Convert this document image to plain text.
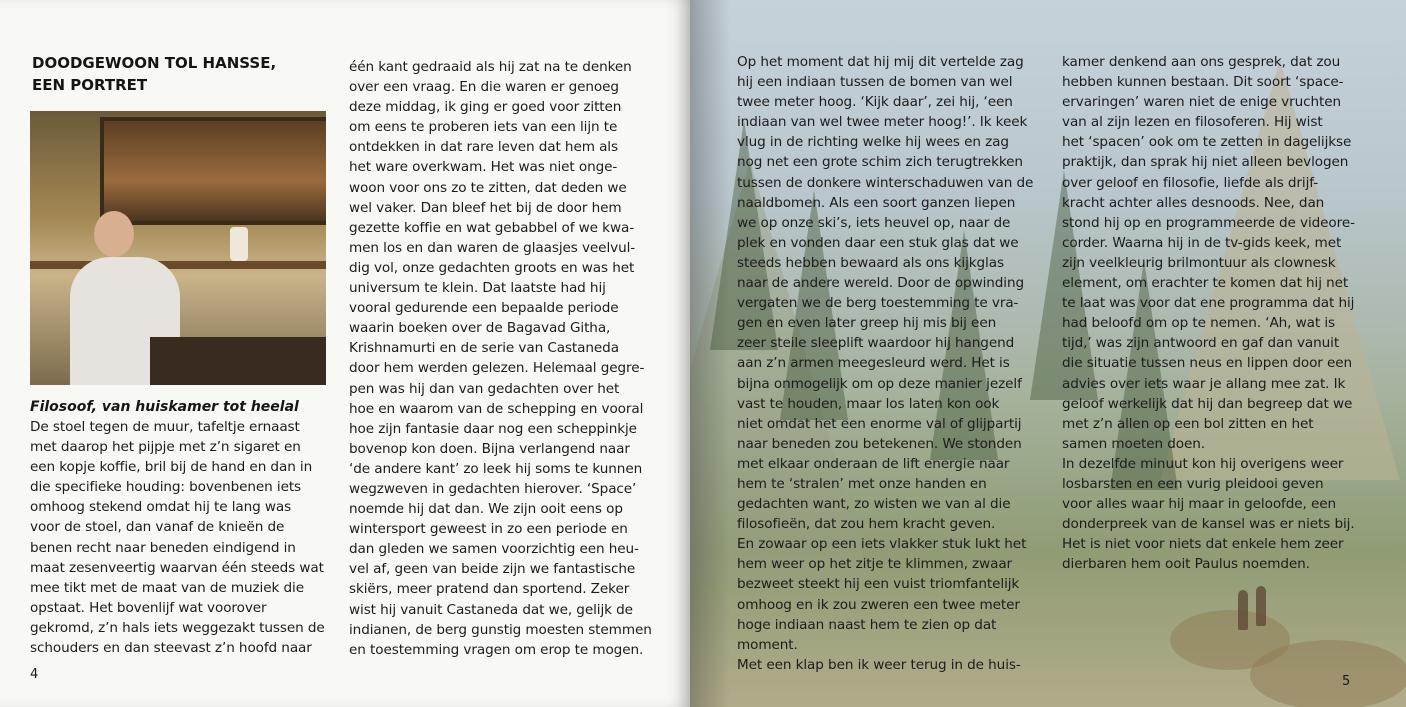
DOODGEWOON TOL HANSSE,
EEN PORTRET
Filosoof, van huiskamer tot heelal
De stoel tegen de muur, tafeltje ernaast
met daarop het pijpje met z’n sigaret en
een kopje koffie, bril bij de hand en dan in
die specifieke houding: bovenbenen iets
omhoog stekend omdat hij te lang was
voor de stoel, dan vanaf de knieën de
benen recht naar beneden eindigend in
maat zesenveertig waarvan één steeds wat
mee tikt met de maat van de muziek die
opstaat. Het bovenlijf wat voorover
gekromd, z’n hals iets weggezakt tussen de
schouders en dan steevast z’n hoofd naar
één kant gedraaid als hij zat na te denken
over een vraag. En die waren er genoeg
deze middag, ik ging er goed voor zitten
om eens te proberen iets van een lijn te
ontdekken in dat rare leven dat hem als
het ware overkwam. Het was niet onge-
woon voor ons zo te zitten, dat deden we
wel vaker. Dan bleef het bij de door hem
gezette koffie en wat gebabbel of we kwa-
men los en dan waren de glaasjes veelvul-
dig vol, onze gedachten groots en was het
universum te klein. Dat laatste had hij
vooral gedurende een bepaalde periode
waarin boeken over de Bagavad Githa,
Krishnamurti en de serie van Castaneda
door hem werden gelezen. Helemaal gegre-
pen was hij dan van gedachten over het
hoe en waarom van de schepping en vooral
hoe zijn fantasie daar nog een scheppinkje
bovenop kon doen. Bijna verlangend naar
‘de andere kant’ zo leek hij soms te kunnen
wegzweven in gedachten hierover. ‘Space’
noemde hij dat dan. We zijn ooit eens op
wintersport geweest in zo een periode en
dan gleden we samen voorzichtig een heu-
vel af, geen van beide zijn we fantastische
skiërs, meer pratend dan sportend. Zeker
wist hij vanuit Castaneda dat we, gelijk de
indianen, de berg gunstig moesten stemmen
en toestemming vragen om erop te mogen.
4
Op het moment dat hij mij dit vertelde zag
hij een indiaan tussen de bomen van wel
twee meter hoog. ‘Kijk daar’, zei hij, ‘een
indiaan van wel twee meter hoog!’. Ik keek
vlug in de richting welke hij wees en zag
nog net een grote schim zich terugtrekken
tussen de donkere winterschaduwen van de
naaldbomen. Als een soort ganzen liepen
we op onze ski’s, iets heuvel op, naar de
plek en vonden daar een stuk glas dat we
steeds hebben bewaard als ons kijkglas
naar de andere wereld. Door de opwinding
vergaten we de berg toestemming te vra-
gen en even later greep hij mis bij een
zeer steile sleeplift waardoor hij hangend
aan z’n armen meegesleurd werd. Het is
bijna onmogelijk om op deze manier jezelf
vast te houden, maar los laten kon ook
niet omdat het een enorme val of glijpartij
naar beneden zou betekenen. We stonden
met elkaar onderaan de lift energie naar
hem te ‘stralen’ met onze handen en
gedachten want, zo wisten we van al die
filosofieën, dat zou hem kracht geven.
En zowaar op een iets vlakker stuk lukt het
hem weer op het zitje te klimmen, zwaar
bezweet steekt hij een vuist triomfantelijk
omhoog en ik zou zweren een twee meter
hoge indiaan naast hem te zien op dat
moment.
Met een klap ben ik weer terug in de huis-
kamer denkend aan ons gesprek, dat zou
hebben kunnen bestaan. Dit soort ‘space-
ervaringen’ waren niet de enige vruchten
van al zijn lezen en filosoferen. Hij wist
het ‘spacen’ ook om te zetten in dagelijkse
praktijk, dan sprak hij niet alleen bevlogen
over geloof en filosofie, liefde als drijf-
kracht achter alles desnoods. Nee, dan
stond hij op en programmeerde de videore-
corder. Waarna hij in de tv-gids keek, met
zijn veelkleurig brilmontuur als clownesk
element, om erachter te komen dat hij net
te laat was voor dat ene programma dat hij
had beloofd om op te nemen. ‘Ah, wat is
tijd,’ was zijn antwoord en gaf dan vanuit
die situatie tussen neus en lippen door een
advies over iets waar je allang mee zat. Ik
geloof werkelijk dat hij dan begreep dat we
met z’n allen op een bol zitten en het
samen moeten doen.
In dezelfde minuut kon hij overigens weer
losbarsten en een vurig pleidooi geven
voor alles waar hij maar in geloofde, een
donderpreek van de kansel was er niets bij.
Het is niet voor niets dat enkele hem zeer
dierbaren hem ooit Paulus noemden.
5
